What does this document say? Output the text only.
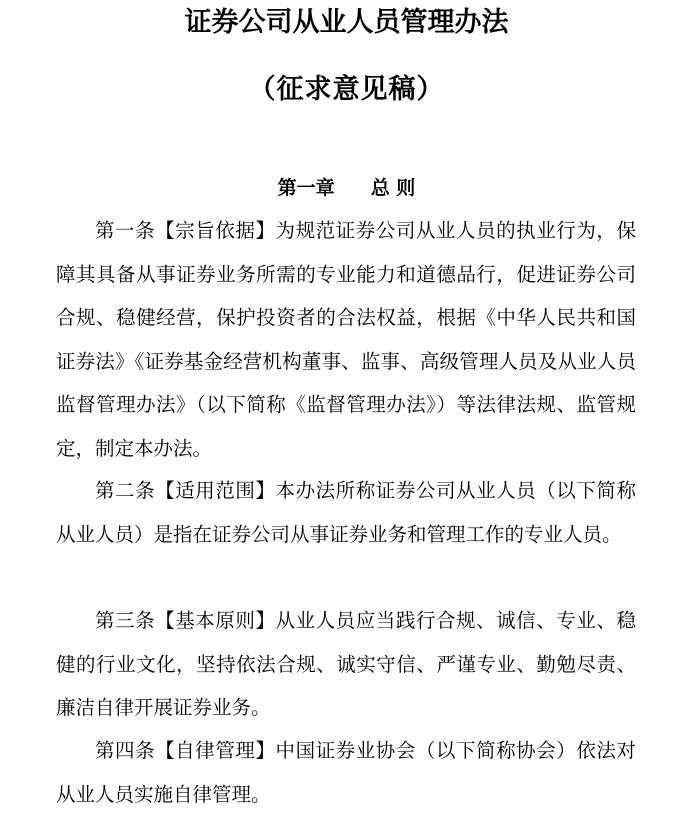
证券公司从业人员管理办法
（征求意见稿）
第一章 总 则

第一条【宗旨依据】为规范证券公司从业人员的执业行为，保障其具备从事证券业务所需的专业能力和道德品行，促进证券公司合规、稳健经营，保护投资者的合法权益，根据《中华人民共和国证券法》《证券基金经营机构董事、监事、高级管理人员及从业人员监督管理办法》（以下简称《监督管理办法》）等法律法规、监管规定，制定本办法。

第二条【适用范围】本办法所称证券公司从业人员（以下简称从业人员）是指在证券公司从事证券业务和管理工作的专业人员。

第三条【基本原则】从业人员应当践行合规、诚信、专业、稳健的行业文化，坚持依法合规、诚实守信、严谨专业、勤勉尽责、廉洁自律开展证券业务。

第四条【自律管理】中国证券业协会（以下简称协会）依法对从业人员实施自律管理。
